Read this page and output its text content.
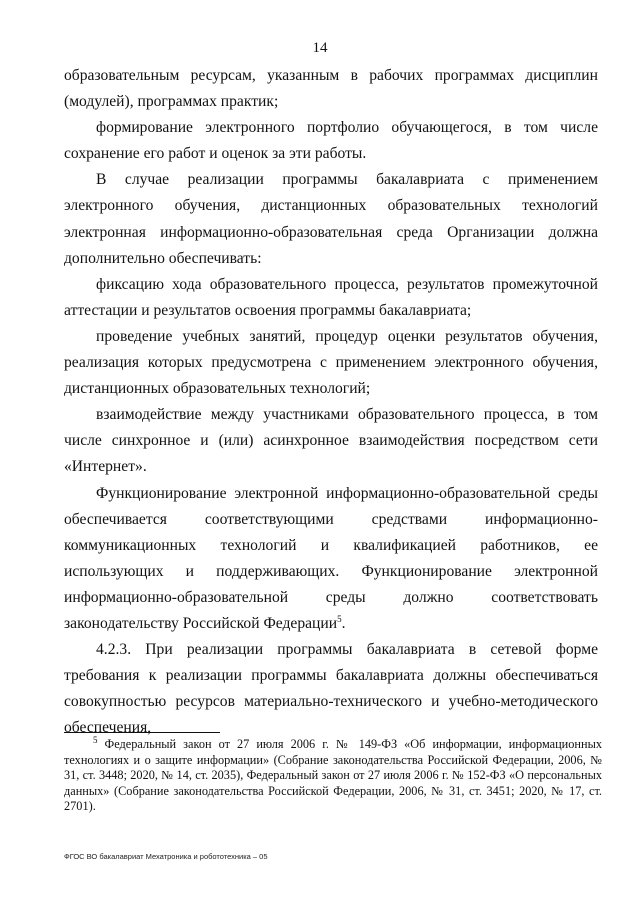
14

образовательным ресурсам, указанным в рабочих программах дисциплин (модулей), программах практик;

формирование электронного портфолио обучающегося, в том числе сохранение его работ и оценок за эти работы.

В случае реализации программы бакалавриата с применением электронного обучения, дистанционных образовательных технологий электронная информационно-образовательная среда Организации должна дополнительно обеспечивать:

фиксацию хода образовательного процесса, результатов промежуточной аттестации и результатов освоения программы бакалавриата;

проведение учебных занятий, процедур оценки результатов обучения, реализация которых предусмотрена с применением электронного обучения, дистанционных образовательных технологий;

взаимодействие между участниками образовательного процесса, в том числе синхронное и (или) асинхронное взаимодействия посредством сети «Интернет».

Функционирование электронной информационно-образовательной среды обеспечивается соответствующими средствами информационно-коммуникационных технологий и квалификацией работников, ее использующих и поддерживающих. Функционирование электронной информационно-образовательной среды должно соответствовать законодательству Российской Федерации$^5$.

4.2.3. При реализации программы бакалавриата в сетевой форме требования к реализации программы бакалавриата должны обеспечиваться совокупностью ресурсов материально-технического и учебно-методического обеспечения,

$^5$ Федеральный закон от 27 июля 2006 г. № 149-ФЗ «Об информации, информационных технологиях и о защите информации» (Собрание законодательства Российской Федерации, 2006, № 31, ст. 3448; 2020, № 14, ст. 2035), Федеральный закон от 27 июля 2006 г. № 152-ФЗ «О персональных данных» (Собрание законодательства Российской Федерации, 2006, № 31, ст. 3451; 2020, № 17, ст. 2701).

ФГОС ВО бакалавриат Мехатроника и робототехника – 05
